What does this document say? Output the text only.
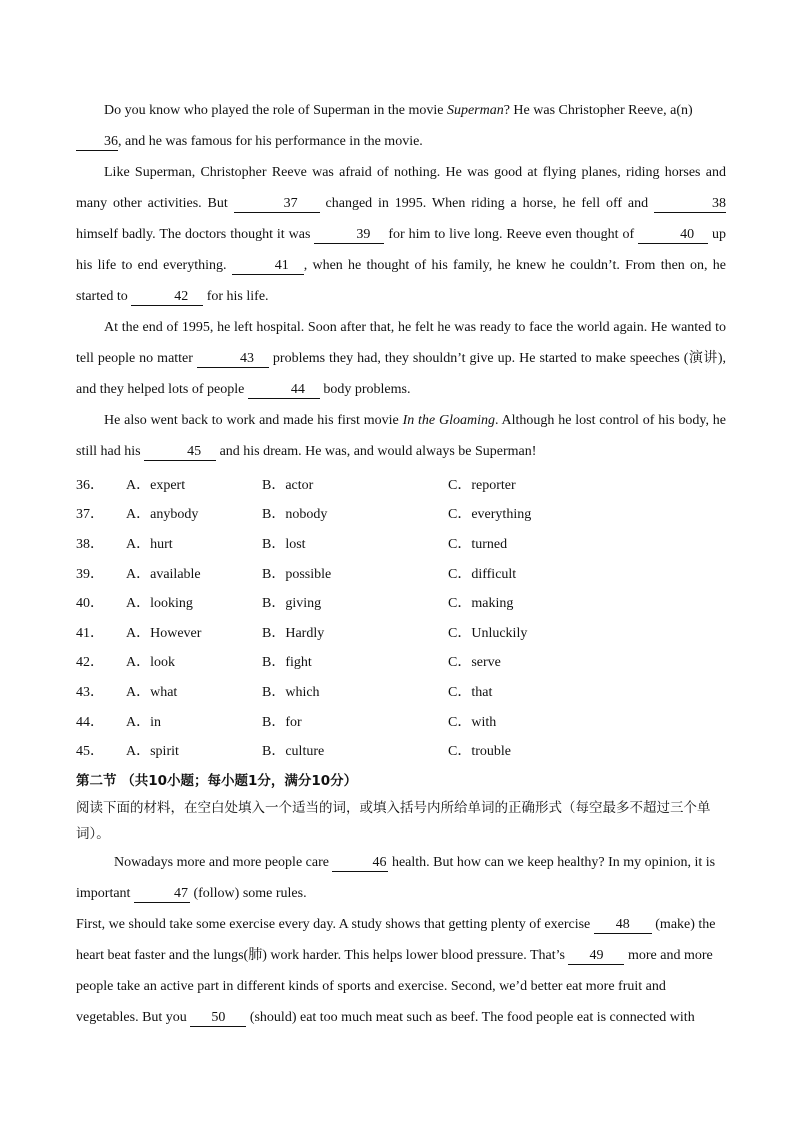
Do you know who played the role of Superman in the movie Superman? He was Christopher Reeve, a(n)
36, and he was famous for his performance in the movie.

Like Superman, Christopher Reeve was afraid of nothing. He was good at flying planes, riding horses and many other activities. But	37 changed in 1995. When riding a horse, he fell off and	38 himself badly. The doctors thought it was	39 for him to live long. Reeve even thought of	40 up his life to end everything.	41 , when he thought of his family, he knew he couldn’t. From then on, he started to	42 for his life.

At the end of 1995, he left hospital. Soon after that, he felt he was ready to face the world again. He wanted to tell people no matter	43 problems they had, they shouldn’t give up. He started to make speeches (演讲), and they helped lots of people	44 body problems.

He also went back to work and made his first movie In the Gloaming. Although he lost control of his body, he still had his	45 and his dream. He was, and would always be Superman!

36．	A．expert	B．actor	C．reporter
37．	A．anybody	B．nobody	C．everything
38．	A．hurt	B．lost	C．turned
39．	A．available	B．possible	C．difficult
40．	A．looking	B．giving	C．making
41．	A．However	B．Hardly	C．Unluckily
42．	A．look	B．fight	C．serve
43．	A．what	B．which	C．that
44．	A．in	B．for	C．with
45．	A．spirit	B．culture	C．trouble
第二节 （共10小题；每小题1分，满分10分）
阅读下面的材料，在空白处填入一个适当的词，或填入括号内所给单词的正确形式（每空最多不超过三个单词）。

Nowadays more and more people care	46 health. But how can we keep healthy? In my opinion, it is important	47 (follow) some rules.

First, we should take some exercise every day. A study shows that getting plenty of exercise 48 (make) the heart beat faster and the lungs(肺) work harder. This helps lower blood pressure. That’s 49 more and more people take an active part in different kinds of sports and exercise. Second, we’d better eat more fruit and vegetables. But you 50 (should) eat too much meat such as beef. The food people eat is connected with
